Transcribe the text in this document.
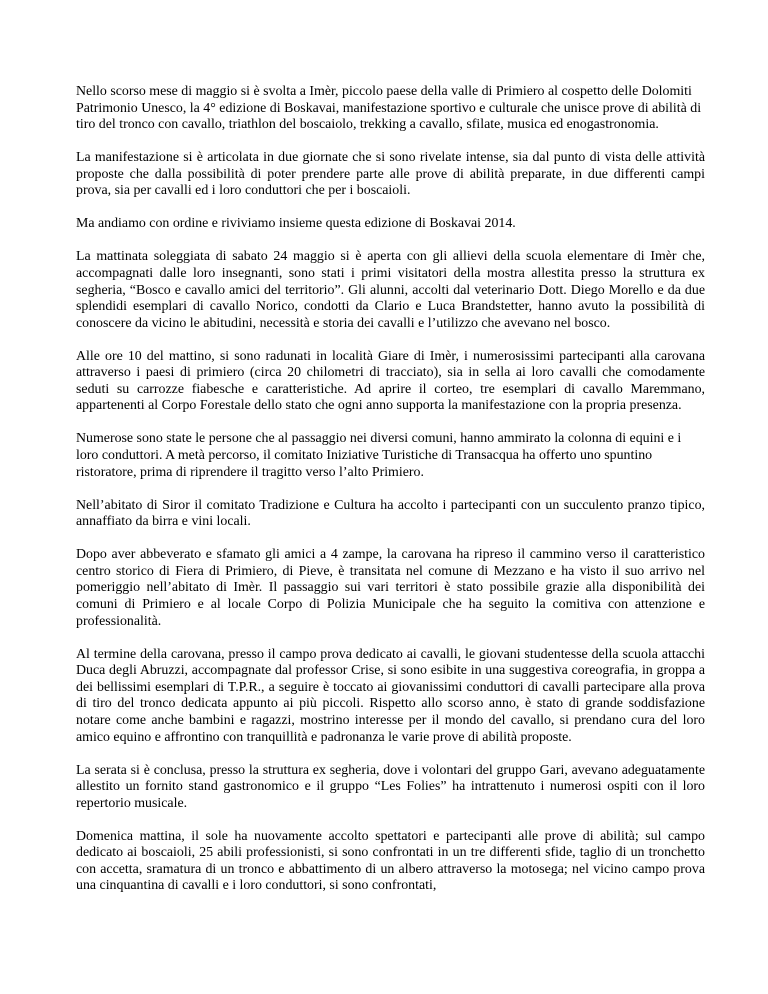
Nello scorso mese di maggio si è svolta a Imèr, piccolo paese della valle di Primiero al cospetto delle Dolomiti Patrimonio Unesco, la 4° edizione di Boskavai, manifestazione sportivo e culturale che unisce prove di abilità di tiro del tronco con cavallo, triathlon del boscaiolo, trekking a cavallo, sfilate, musica ed enogastronomia.

La manifestazione si è articolata in due giornate che si sono rivelate intense, sia dal punto di vista delle attività proposte che dalla possibilità di poter prendere parte alle prove di abilità preparate, in due differenti campi prova, sia per cavalli ed i loro conduttori che per i boscaioli.

Ma andiamo con ordine e riviviamo insieme questa edizione di Boskavai 2014.

La mattinata soleggiata di sabato 24 maggio si è aperta con gli allievi della scuola elementare di Imèr che, accompagnati dalle loro insegnanti, sono stati i primi visitatori della mostra allestita presso la struttura ex segheria, “Bosco e cavallo amici del territorio”. Gli alunni, accolti dal veterinario Dott. Diego Morello e da due splendidi esemplari di cavallo Norico, condotti da Clario e Luca Brandstetter, hanno avuto la possibilità di conoscere da vicino le abitudini, necessità e storia dei cavalli e l’utilizzo che avevano nel bosco.

Alle ore 10 del mattino, si sono radunati in località Giare di Imèr, i numerosissimi partecipanti alla carovana attraverso i paesi di primiero (circa 20 chilometri di tracciato), sia in sella ai loro cavalli che comodamente seduti su carrozze fiabesche e caratteristiche. Ad aprire il corteo, tre esemplari di cavallo Maremmano, appartenenti al Corpo Forestale dello stato che ogni anno supporta la manifestazione con la propria presenza.

Numerose sono state le persone che al passaggio nei diversi comuni, hanno ammirato la colonna di equini e i loro conduttori. A metà percorso, il comitato Iniziative Turistiche di Transacqua ha offerto uno spuntino ristoratore, prima di riprendere il tragitto verso l’alto Primiero.

Nell’abitato di Siror il comitato Tradizione e Cultura ha accolto i partecipanti con un succulento pranzo tipico, annaffiato da birra e vini locali.

Dopo aver abbeverato e sfamato gli amici a 4 zampe, la carovana ha ripreso il cammino verso il caratteristico centro storico di Fiera di Primiero, di Pieve, è transitata nel comune di Mezzano e ha visto il suo arrivo nel pomeriggio nell’abitato di Imèr. Il passaggio sui vari territori è stato possibile grazie alla disponibilità dei comuni di Primiero e al locale Corpo di Polizia Municipale che ha seguito la comitiva con attenzione e professionalità.

Al termine della carovana, presso il campo prova dedicato ai cavalli, le giovani studentesse della scuola attacchi Duca degli Abruzzi, accompagnate dal professor Crise, si sono esibite in una suggestiva coreografia, in groppa a dei bellissimi esemplari di T.P.R., a seguire è toccato ai giovanissimi conduttori di cavalli partecipare alla prova di tiro del tronco dedicata appunto ai più piccoli. Rispetto allo scorso anno, è stato di grande soddisfazione notare come anche bambini e ragazzi, mostrino interesse per il mondo del cavallo, si prendano cura del loro amico equino e affrontino con tranquillità e padronanza le varie prove di abilità proposte.

La serata si è conclusa, presso la struttura ex segheria, dove i volontari del gruppo Gari, avevano adeguatamente allestito un fornito stand gastronomico e il gruppo “Les Folies” ha intrattenuto i numerosi ospiti con il loro repertorio musicale.

Domenica mattina, il sole ha nuovamente accolto spettatori e partecipanti alle prove di abilità; sul campo dedicato ai boscaioli, 25 abili professionisti, si sono confrontati in un tre differenti sfide, taglio di un tronchetto con accetta, sramatura di un tronco e abbattimento di un albero attraverso la motosega; nel vicino campo prova una cinquantina di cavalli e i loro conduttori, si sono confrontati,
